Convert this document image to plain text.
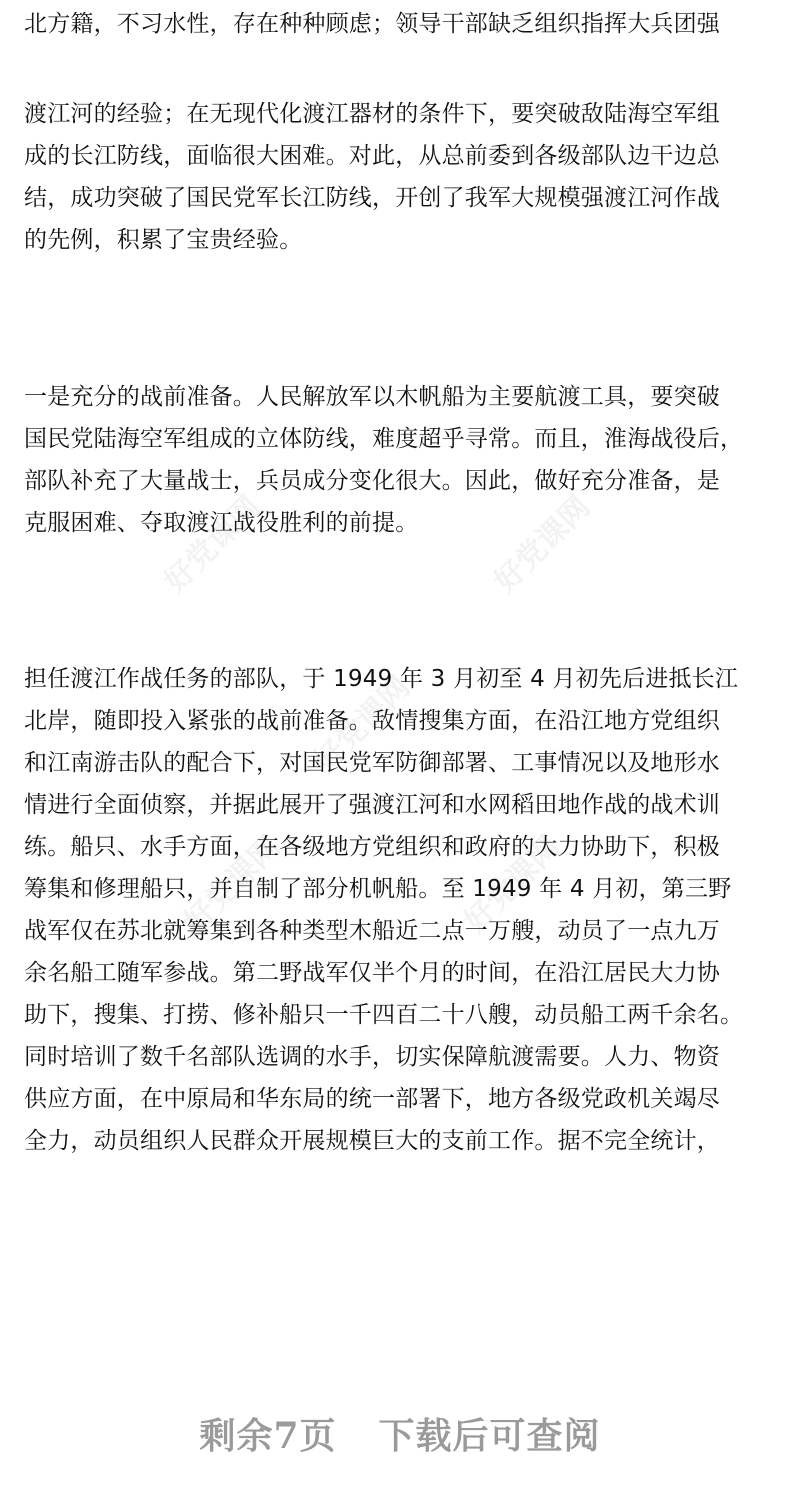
好党课网	好党课网
好党课网
好党课网	好党课网
北方籍，不习水性，存在种种顾虑；领导干部缺乏组织指挥大兵团强
渡江河的经验；在无现代化渡江器材的条件下，要突破敌陆海空军组
成的长江防线，面临很大困难。对此，从总前委到各级部队边干边总
结，成功突破了国民党军长江防线，开创了我军大规模强渡江河作战
的先例，积累了宝贵经验。
一是充分的战前准备。人民解放军以木帆船为主要航渡工具，要突破
国民党陆海空军组成的立体防线，难度超乎寻常。而且，淮海战役后，
部队补充了大量战士，兵员成分变化很大。因此，做好充分准备，是
克服困难、夺取渡江战役胜利的前提。
担任渡江作战任务的部队，于 1949 年 3 月初至 4 月初先后进抵长江
北岸，随即投入紧张的战前准备。敌情搜集方面，在沿江地方党组织
和江南游击队的配合下，对国民党军防御部署、工事情况以及地形水
情进行全面侦察，并据此展开了强渡江河和水网稻田地作战的战术训
练。船只、水手方面，在各级地方党组织和政府的大力协助下，积极
筹集和修理船只，并自制了部分机帆船。至 1949 年 4 月初，第三野
战军仅在苏北就筹集到各种类型木船近二点一万艘，动员了一点九万
余名船工随军参战。第二野战军仅半个月的时间，在沿江居民大力协
助下，搜集、打捞、修补船只一千四百二十八艘，动员船工两千余名。
同时培训了数千名部队选调的水手，切实保障航渡需要。人力、物资
供应方面，在中原局和华东局的统一部署下，地方各级党政机关竭尽
全力，动员组织人民群众开展规模巨大的支前工作。据不完全统计，
剩余7页 下载后可查阅
